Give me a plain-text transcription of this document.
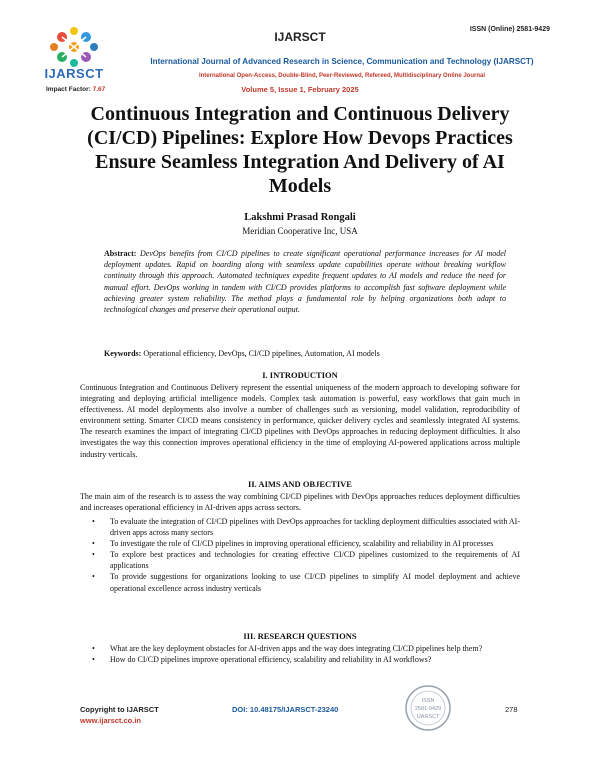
IJARSCT
IJARSCT
ISSN (Online) 2581-9429
International Journal of Advanced Research in Science, Communication and Technology (IJARSCT)
International Open-Access, Double-Blind, Peer-Reviewed, Refereed, Multidisciplinary Online Journal
Impact Factor: 7.67	Volume 5, Issue 1, February 2025
Continuous Integration and Continuous Delivery (CI/CD) Pipelines: Explore How Devops Practices Ensure Seamless Integration And Delivery of AI Models
Lakshmi Prasad Rongali
Meridian Cooperative Inc, USA
Abstract: DevOps benefits from CI/CD pipelines to create significant operational performance increases for AI model deployment updates. Rapid on boarding along with seamless update capabilities operate without breaking workflow continuity through this approach. Automated techniques expedite frequent updates to AI models and reduce the need for manual effort. DevOps working in tandem with CI/CD provides platforms to accomplish fast software deployment while achieving greater system reliability. The method plays a fundamental role by helping organizations both adapt to technological changes and preserve their operational output.
Keywords: Operational efficiency, DevOps, CI/CD pipelines, Automation, AI models
I. INTRODUCTION
Continuous Integration and Continuous Delivery represent the essential uniqueness of the modern approach to developing software for integrating and deploying artificial intelligence models. Complex task automation is powerful, easy workflows that gain much in effectiveness. AI model deployments also involve a number of challenges such as versioning, model validation, reproducibility of environment setting. Smarter CI/CD means consistency in performance, quicker delivery cycles and seamlessly integrated AI systems. The research examines the impact of integrating CI/CD pipelines with DevOps approaches in reducing deployment difficulties. It also investigates the way this connection improves operational efficiency in the time of employing AI-powered applications across multiple industry verticals.
II. AIMS AND OBJECTIVE
The main aim of the research is to assess the way combining CI/CD pipelines with DevOps approaches reduces deployment difficulties and increases operational efficiency in AI-driven apps across sectors.
• To evaluate the integration of CI/CD pipelines with DevOps approaches for tackling deployment difficulties associated with AI-driven apps across many sectors
• To investigate the role of CI/CD pipelines in improving operational efficiency, scalability and reliability in AI processes
• To explore best practices and technologies for creating effective CI/CD pipelines customized to the requirements of AI applications
• To provide suggestions for organizations looking to use CI/CD pipelines to simplify AI model deployment and achieve operational excellence across industry verticals
III. RESEARCH QUESTIONS
• What are the key deployment obstacles for AI-driven apps and the way does integrating CI/CD pipelines help them?
• How do CI/CD pipelines improve operational efficiency, scalability and reliability in AI workflows?
Copyright to IJARSCT
www.ijarsct.co.in
DOI: 10.48175/IJARSCT-23240
ISSN
2581-9429
IJARSCT
278
